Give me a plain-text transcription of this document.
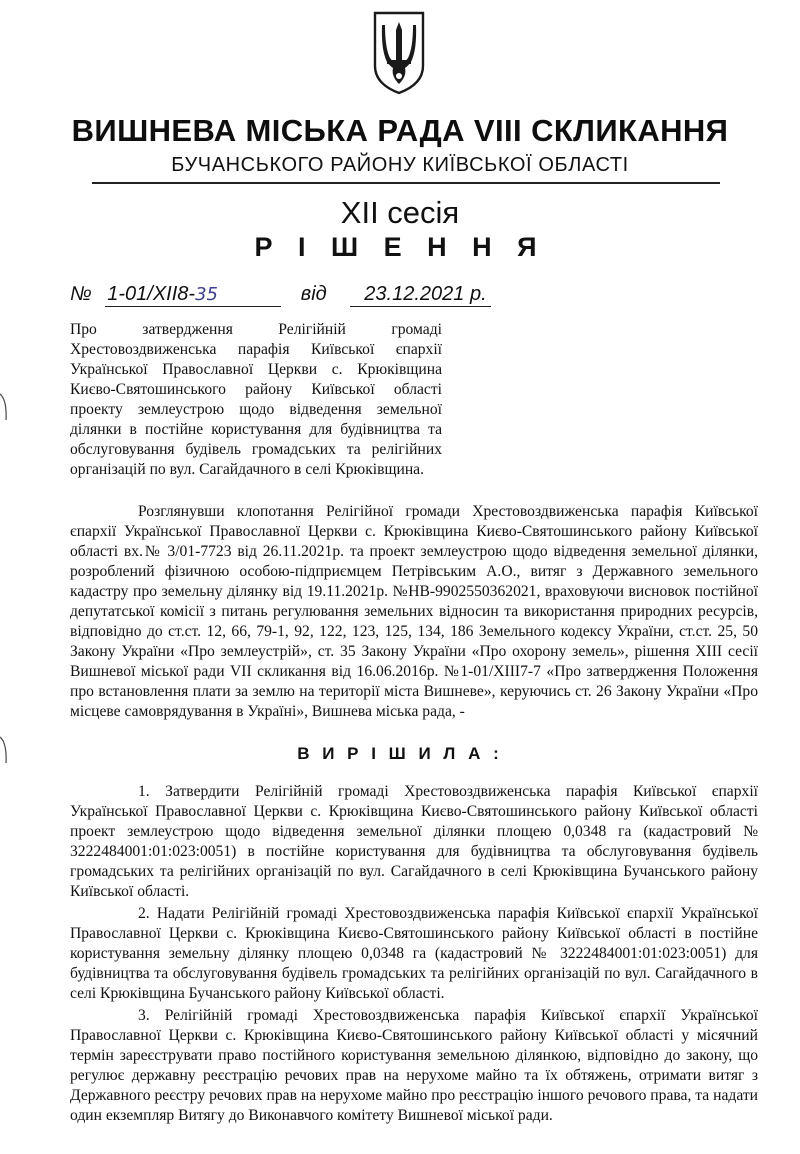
ВИШНЕВА МІСЬКА РАДА VIII СКЛИКАННЯ
БУЧАНСЬКОГО РАЙОНУ КИЇВСЬКОЇ ОБЛАСТІ
XII сесія
Р І Ш Е Н Н Я
№ 1-01/XII8-35	від 23.12.2021 р.
Про затвердження Релігійній громаді Хрестовоздвиженська парафія Київської єпархії Української Православної Церкви с. Крюківщина Києво-Святошинського району Київської області проекту землеустрою щодо відведення земельної ділянки в постійне користування для будівництва та обслуговування будівель громадських та релігійних організацій по вул. Сагайдачного в селі Крюківщина.

Розглянувши клопотання Релігійної громади Хрестовоздвиженська парафія Київської єпархії Української Православної Церкви с. Крюківщина Києво-Святошинського району Київської області вх.№ 3/01-7723 від 26.11.2021р. та проект землеустрою щодо відведення земельної ділянки, розроблений фізичною особою-підприємцем Петрівським А.О., витяг з Державного земельного кадастру про земельну ділянку від 19.11.2021р. №НВ-9902550362021, враховуючи висновок постійної депутатської комісії з питань регулювання земельних відносин та використання природних ресурсів, відповідно до ст.ст. 12, 66, 79-1, 92, 122, 123, 125, 134, 186 Земельного кодексу України, ст.ст. 25, 50 Закону України «Про землеустрій», ст. 35 Закону України «Про охорону земель», рішення XIII сесії Вишневої міської ради VII скликання від 16.06.2016р. №1-01/XIII7-7 «Про затвердження Положення про встановлення плати за землю на території міста Вишневе», керуючись ст. 26 Закону України «Про місцеве самоврядування в Україні», Вишнева міська рада, -

В И Р І Ш И Л А :

1. Затвердити Релігійній громаді Хрестовоздвиженська парафія Київської єпархії Української Православної Церкви с. Крюківщина Києво-Святошинського району Київської області проект землеустрою щодо відведення земельної ділянки площею 0,0348 га (кадастровий № 3222484001:01:023:0051) в постійне користування для будівництва та обслуговування будівель громадських та релігійних організацій по вул. Сагайдачного в селі Крюківщина Бучанського району Київської області.

2. Надати Релігійній громаді Хрестовоздвиженська парафія Київської єпархії Української Православної Церкви с. Крюківщина Києво-Святошинського району Київської області в постійне користування земельну ділянку площею 0,0348 га (кадастровий № 3222484001:01:023:0051) для будівництва та обслуговування будівель громадських та релігійних організацій по вул. Сагайдачного в селі Крюківщина Бучанського району Київської області.

3. Релігійній громаді Хрестовоздвиженська парафія Київської єпархії Української Православної Церкви с. Крюківщина Києво-Святошинського району Київської області у місячний термін зареєструвати право постійного користування земельною ділянкою, відповідно до закону, що регулює державну реєстрацію речових прав на нерухоме майно та їх обтяжень, отримати витяг з Державного реєстру речових прав на нерухоме майно про реєстрацію іншого речового права, та надати один екземпляр Витягу до Виконавчого комітету Вишневої міської ради.
